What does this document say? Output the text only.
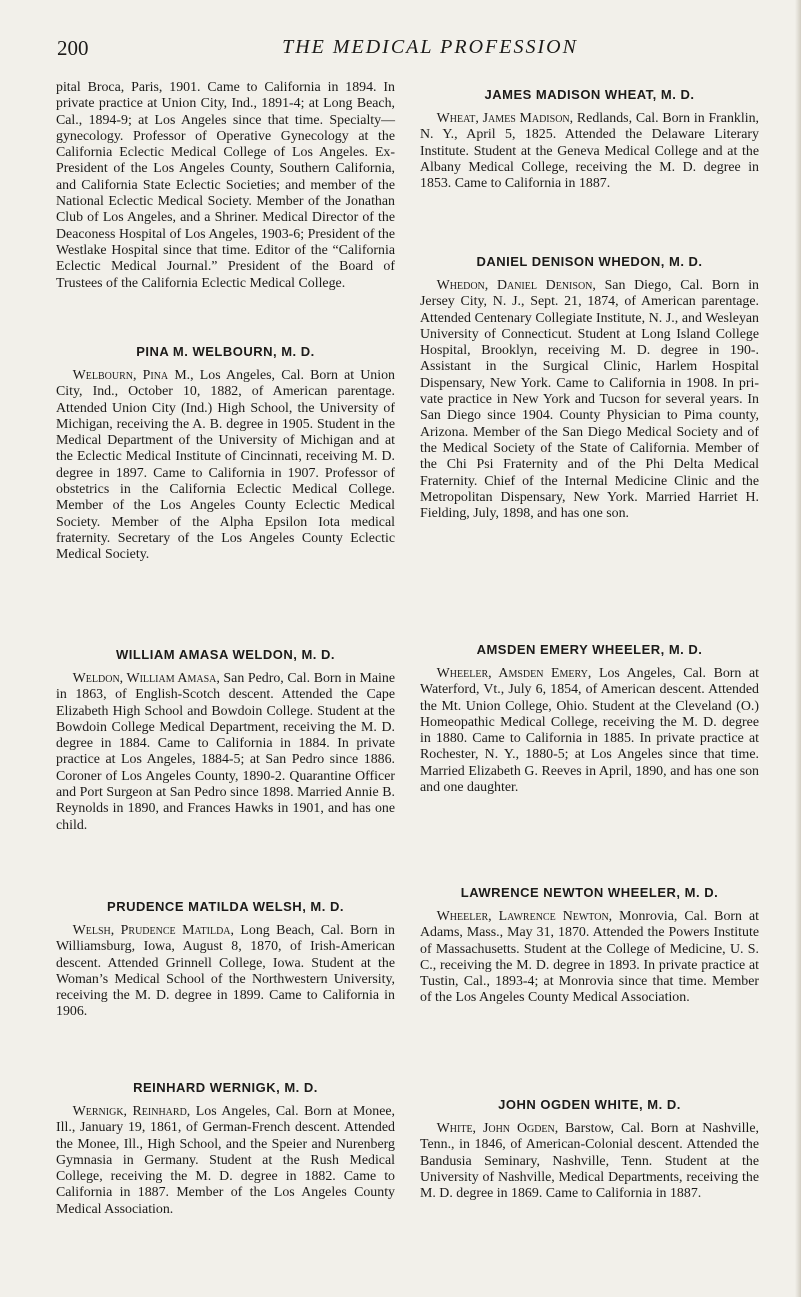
200	THE MEDICAL PROFESSION

pital Broca, Paris, 1901. Came to California in 1894. In private practice at Union City, Ind., 1891-4; at Long Beach, Cal., 1894-9; at Los Angeles since that time. Specialty—gynecology. Professor of Operative Gynecology at the California Eclectic Medical College of Los Angeles. Ex-President of the Los Angeles County, Southern California, and California State Eclectic Societies; and member of the National Eclectic Medical Society. Member of the Jonathan Club of Los Angeles, and a Shriner. Medical Director of the Deaconess Hospital of Los Angeles, 1903-6; President of the Westlake Hospital since that time. Editor of the “California Eclectic Medical Journal.” President of the Board of Trustees of the California Eclectic Medical College.

PINA M. WELBOURN, M. D.

Welbourn, Pina M., Los Angeles, Cal. Born at Union City, Ind., October 10, 1882, of American parentage. Attended Union City (Ind.) High School, the University of Michigan, receiving the A. B. degree in 1905. Student in the Medical Department of the University of Michigan and at the Eclectic Medical Institute of Cincinnati, receiving M. D. degree in 1897. Came to California in 1907. Professor of obstetrics in the California Eclectic Medical College. Member of the Los Angeles County Eclectic Medical Society. Member of the Alpha Epsilon Iota medical fraternity. Secretary of the Los Angeles County Eclectic Medical Society.

WILLIAM AMASA WELDON, M. D.

Weldon, William Amasa, San Pedro, Cal. Born in Maine in 1863, of English-Scotch descent. Attended the Cape Elizabeth High School and Bowdoin College. Student at the Bowdoin College Medical Department, receiving the M. D. degree in 1884. Came to California in 1884. In private practice at Los Angeles, 1884-5; at San Pedro since 1886. Coroner of Los Angeles County, 1890-2. Quarantine Officer and Port Surgeon at San Pedro since 1898. Married Annie B. Reynolds in 1890, and Frances Hawks in 1901, and has one child.

PRUDENCE MATILDA WELSH, M. D.

Welsh, Prudence Matilda, Long Beach, Cal. Born in Williamsburg, Iowa, August 8, 1870, of Irish-American descent. Attended Grinnell College, Iowa. Student at the Woman’s Medical School of the Northwestern University, receiving the M. D. degree in 1899. Came to California in 1906.

REINHARD WERNIGK, M. D.

Wernigk, Reinhard, Los Angeles, Cal. Born at Monee, Ill., January 19, 1861, of German-French descent. Attended the Monee, Ill., High School, and the Speier and Nurenberg Gymnasia in Germany. Student at the Rush Medical College, receiving the M. D. degree in 1882. Came to California in 1887. Member of the Los Angeles County Medical Association.

JAMES MADISON WHEAT, M. D.

Wheat, James Madison, Redlands, Cal. Born in Franklin, N. Y., April 5, 1825. Attended the Delaware Literary Institute. Student at the Geneva Medical College and at the Albany Medical College, receiving the M. D. degree in 1853. Came to California in 1887.

DANIEL DENISON WHEDON, M. D.

Whedon, Daniel Denison, San Diego, Cal. Born in Jersey City, N. J., Sept. 21, 1874, of American parentage. Attended Centenary Collegiate Institute, N. J., and Wesleyan University of Connecticut. Student at Long Island College Hospital, Brooklyn, receiving M. D. degree in 190-. Assistant in the Surgical Clinic, Harlem Hospital Dispensary, New York. Came to California in 1908. In private practice in New York and Tucson for several years. In San Diego since 1904. County Physician to Pima county, Arizona. Member of the San Diego Medical Society and of the Medical Society of the State of California. Member of the Chi Psi Fraternity and of the Phi Delta Medical Fraternity. Chief of the Internal Medicine Clinic and the Metropolitan Dispensary, New York. Married Harriet H. Fielding, July, 1898, and has one son.

AMSDEN EMERY WHEELER, M. D.

Wheeler, Amsden Emery, Los Angeles, Cal. Born at Waterford, Vt., July 6, 1854, of American descent. Attended the Mt. Union College, Ohio. Student at the Cleveland (O.) Homeopathic Medical College, receiving the M. D. degree in 1880. Came to California in 1885. In private practice at Rochester, N. Y., 1880-5; at Los Angeles since that time. Married Elizabeth G. Reeves in April, 1890, and has one son and one daughter.

LAWRENCE NEWTON WHEELER, M. D.

Wheeler, Lawrence Newton, Monrovia, Cal. Born at Adams, Mass., May 31, 1870. Attended the Powers Institute of Massachusetts. Student at the College of Medicine, U. S. C., receiving the M. D. degree in 1893. In private practice at Tustin, Cal., 1893-4; at Monrovia since that time. Member of the Los Angeles County Medical Association.

JOHN OGDEN WHITE, M. D.

White, John Ogden, Barstow, Cal. Born at Nashville, Tenn., in 1846, of American-Colonial descent. Attended the Bandusia Seminary, Nashville, Tenn. Student at the University of Nashville, Medical Departments, receiving the M. D. degree in 1869. Came to California in 1887.
